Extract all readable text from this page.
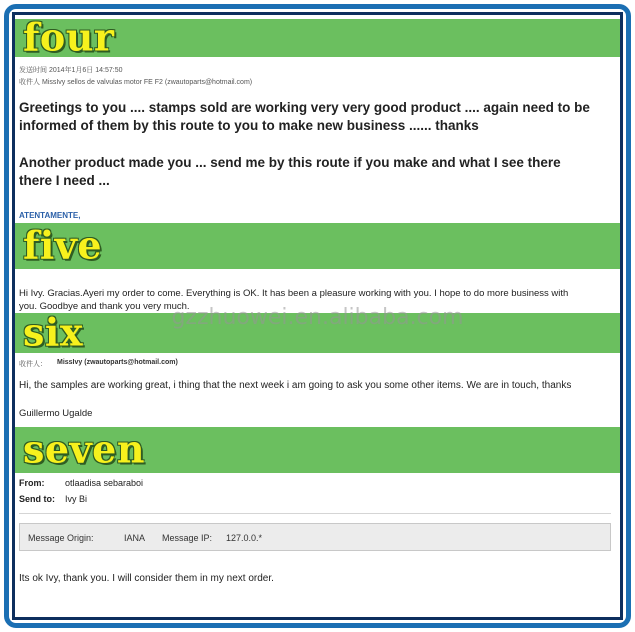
four
发送时间 2014年1月6日 14:57:50
收件人 MissIvy sellos de valvulas motor FE F2 (zwautoparts@hotmail.com)
Greetings to you .... stamps sold are working very very good product .... again need to be
informed of them by this route to you to make new business ...... thanks
Another product made you ... send me by this route if you make and what I see there
there I need ...
ATENTAMENTE,
five
Hi Ivy. Gracias.Ayeri my order to come. Everything is OK. It has been a pleasure working with you. I hope to do more business with
you. Goodbye and thank you very much.
six	gzzhuowei.en.alibaba.com
收件人： MissIvy (zwautoparts@hotmail.com)
Hi, the samples are working great, i thing that the next week i am going to ask you some other items. We are in touch, thanks
Guillermo Ugalde
seven
From: otlaadisa sebaraboi
Send to: Ivy Bi
Message Origin:	IANA Message IP: 127.0.0.*
Its ok Ivy, thank you. I will consider them in my next order.
